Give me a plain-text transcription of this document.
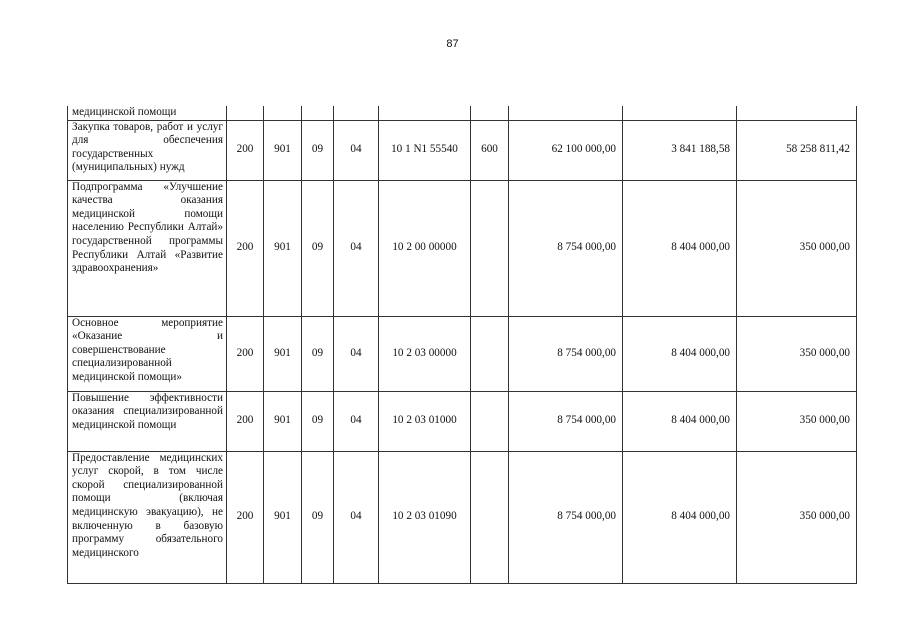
87
медицинской помощи									
Закупка товаров, работ и услуг для обеспечения государственных (муниципальных) нужд	200	901	09	04	10 1 N1 55540	600	62 100 000,00	3 841 188,58	58 258 811,42
Подпрограмма «Улучшение качества оказания медицинской помощи населению Республики Алтай» государственной программы Республики Алтай «Развитие здравоохранения»	200	901	09	04	10 2 00 00000		8 754 000,00	8 404 000,00	350 000,00
Основное мероприятие «Оказание и совершенствование специализированной медицинской помощи»	200	901	09	04	10 2 03 00000		8 754 000,00	8 404 000,00	350 000,00
Повышение эффективности оказания специализированной медицинской помощи	200	901	09	04	10 2 03 01000		8 754 000,00	8 404 000,00	350 000,00
Предоставление медицинских услуг скорой, в том числе скорой специализированной помощи (включая медицинскую эвакуацию), не включенную в базовую программу обязательного медицинского	200	901	09	04	10 2 03 01090		8 754 000,00	8 404 000,00	350 000,00
